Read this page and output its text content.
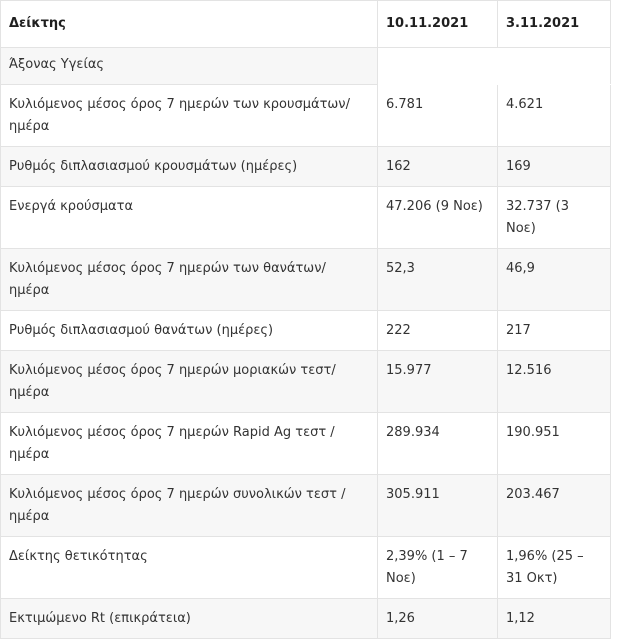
Δείκτης	10.11.2021	3.11.2021
Άξονας Υγείας		
Κυλιόμενος μέσος όρος 7 ημερών των κρουσμάτων/ ημέρα	6.781	4.621
Ρυθμός διπλασιασμού κρουσμάτων (ημέρες)	162	169
Ενεργά κρούσματα	47.206 (9 Νοε)	32.737 (3 Νοε)
Κυλιόμενος μέσος όρος 7 ημερών των θανάτων/ ημέρα	52,3	46,9
Ρυθμός διπλασιασμού θανάτων (ημέρες)	222	217
Κυλιόμενος μέσος όρος 7 ημερών μοριακών τεστ/ ημέρα	15.977	12.516
Κυλιόμενος μέσος όρος 7 ημερών Rapid Ag τεστ / ημέρα	289.934	190.951
Κυλιόμενος μέσος όρος 7 ημερών συνολικών τεστ / ημέρα	305.911	203.467
Δείκτης θετικότητας	2,39% (1 – 7 Νοε)	1,96% (25 – 31 Οκτ)
Εκτιμώμενο Rt (επικράτεια)	1,26	1,12
